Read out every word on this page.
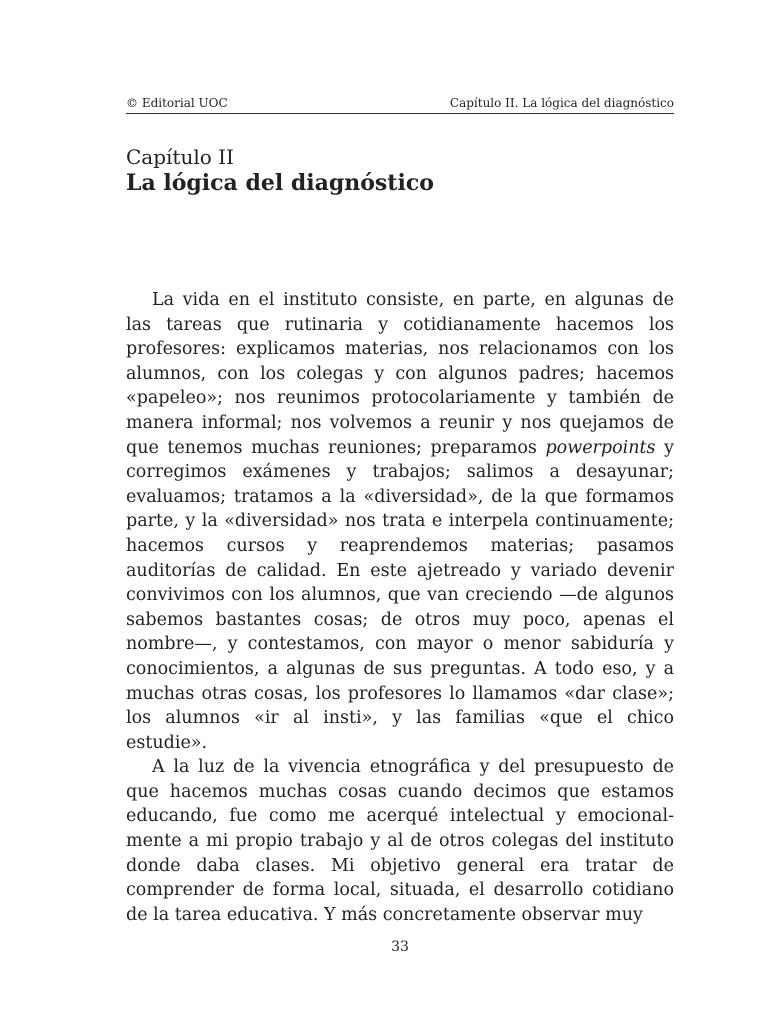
© Editorial UOC	Capítulo II. La lógica del diagnóstico
Capítulo II
La lógica del diagnóstico

La vida en el instituto consiste, en parte, en algunas de las tareas que rutinaria y cotidianamente hacemos los profesores: explicamos materias, nos relacionamos con los alumnos, con los colegas y con algunos padres; hacemos «papeleo»; nos reunimos protocolariamente y también de manera informal; nos volvemos a reunir y nos quejamos de que tenemos muchas reuniones; preparamos powerpoints y corregimos exámenes y trabajos; salimos a desayunar; evaluamos; tratamos a la «diversidad», de la que formamos parte, y la «diversidad» nos trata e interpela continuamente; hacemos cursos y reaprendemos materias; pasamos auditorías de calidad. En este ajetreado y variado devenir convivimos con los alumnos, que van creciendo —de algunos sabemos bastantes cosas; de otros muy poco, apenas el nombre—, y contestamos, con mayor o menor sabiduría y conocimientos, a algunas de sus preguntas. A todo eso, y a muchas otras cosas, los profesores lo llamamos «dar clase»; los alumnos «ir al insti», y las familias «que el chico estudie».

A la luz de la vivencia etnográfica y del presupuesto de que hacemos muchas cosas cuando decimos que estamos educando, fue como me acerqué intelectual y emocionalmente a mi propio trabajo y al de otros colegas del instituto donde daba clases. Mi objetivo general era tratar de comprender de forma local, situada, el desarrollo cotidiano de la tarea educativa. Y más concretamente observar muy

33
